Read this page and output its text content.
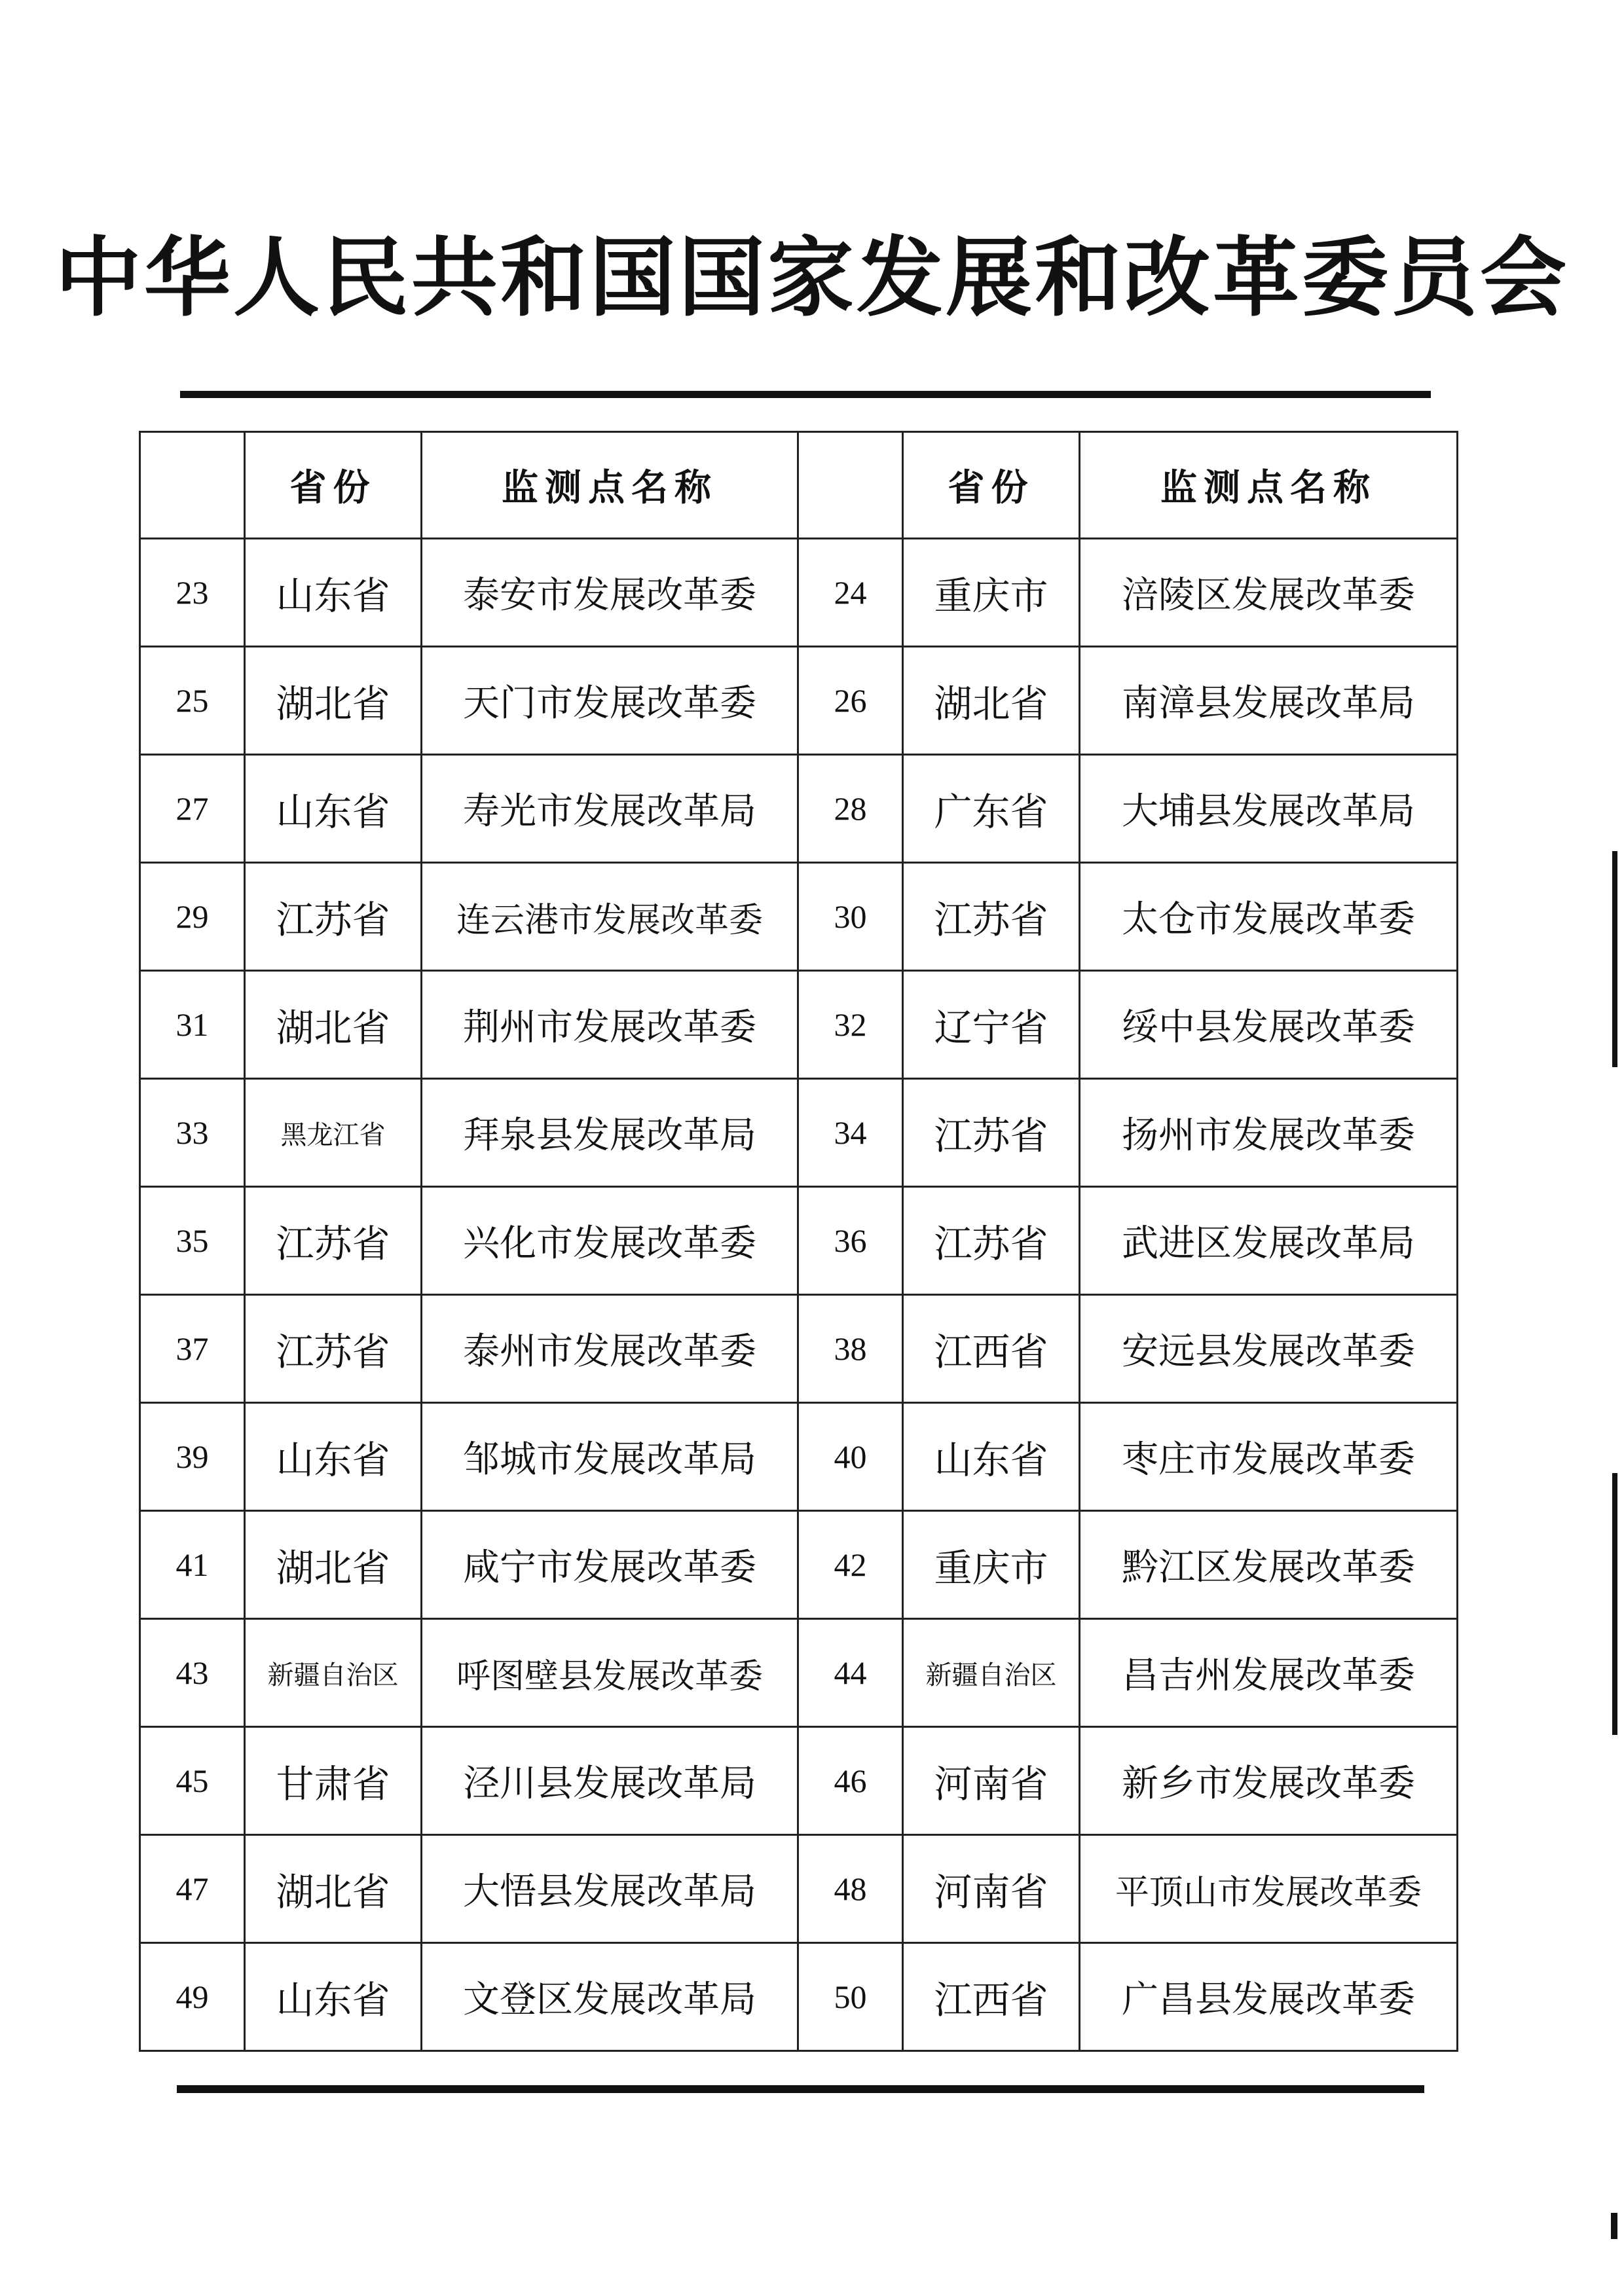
中华人民共和国国家发展和改革委员会
	省份	监测点名称		省份	监测点名称
23	山东省	泰安市发展改革委	24	重庆市	涪陵区发展改革委
25	湖北省	天门市发展改革委	26	湖北省	南漳县发展改革局
27	山东省	寿光市发展改革局	28	广东省	大埔县发展改革局
29	江苏省	连云港市发展改革委	30	江苏省	太仓市发展改革委
31	湖北省	荆州市发展改革委	32	辽宁省	绥中县发展改革委
33	黑龙江省	拜泉县发展改革局	34	江苏省	扬州市发展改革委
35	江苏省	兴化市发展改革委	36	江苏省	武进区发展改革局
37	江苏省	泰州市发展改革委	38	江西省	安远县发展改革委
39	山东省	邹城市发展改革局	40	山东省	枣庄市发展改革委
41	湖北省	咸宁市发展改革委	42	重庆市	黔江区发展改革委
43	新疆自治区	呼图壁县发展改革委	44	新疆自治区	昌吉州发展改革委
45	甘肃省	泾川县发展改革局	46	河南省	新乡市发展改革委
47	湖北省	大悟县发展改革局	48	河南省	平顶山市发展改革委
49	山东省	文登区发展改革局	50	江西省	广昌县发展改革委
